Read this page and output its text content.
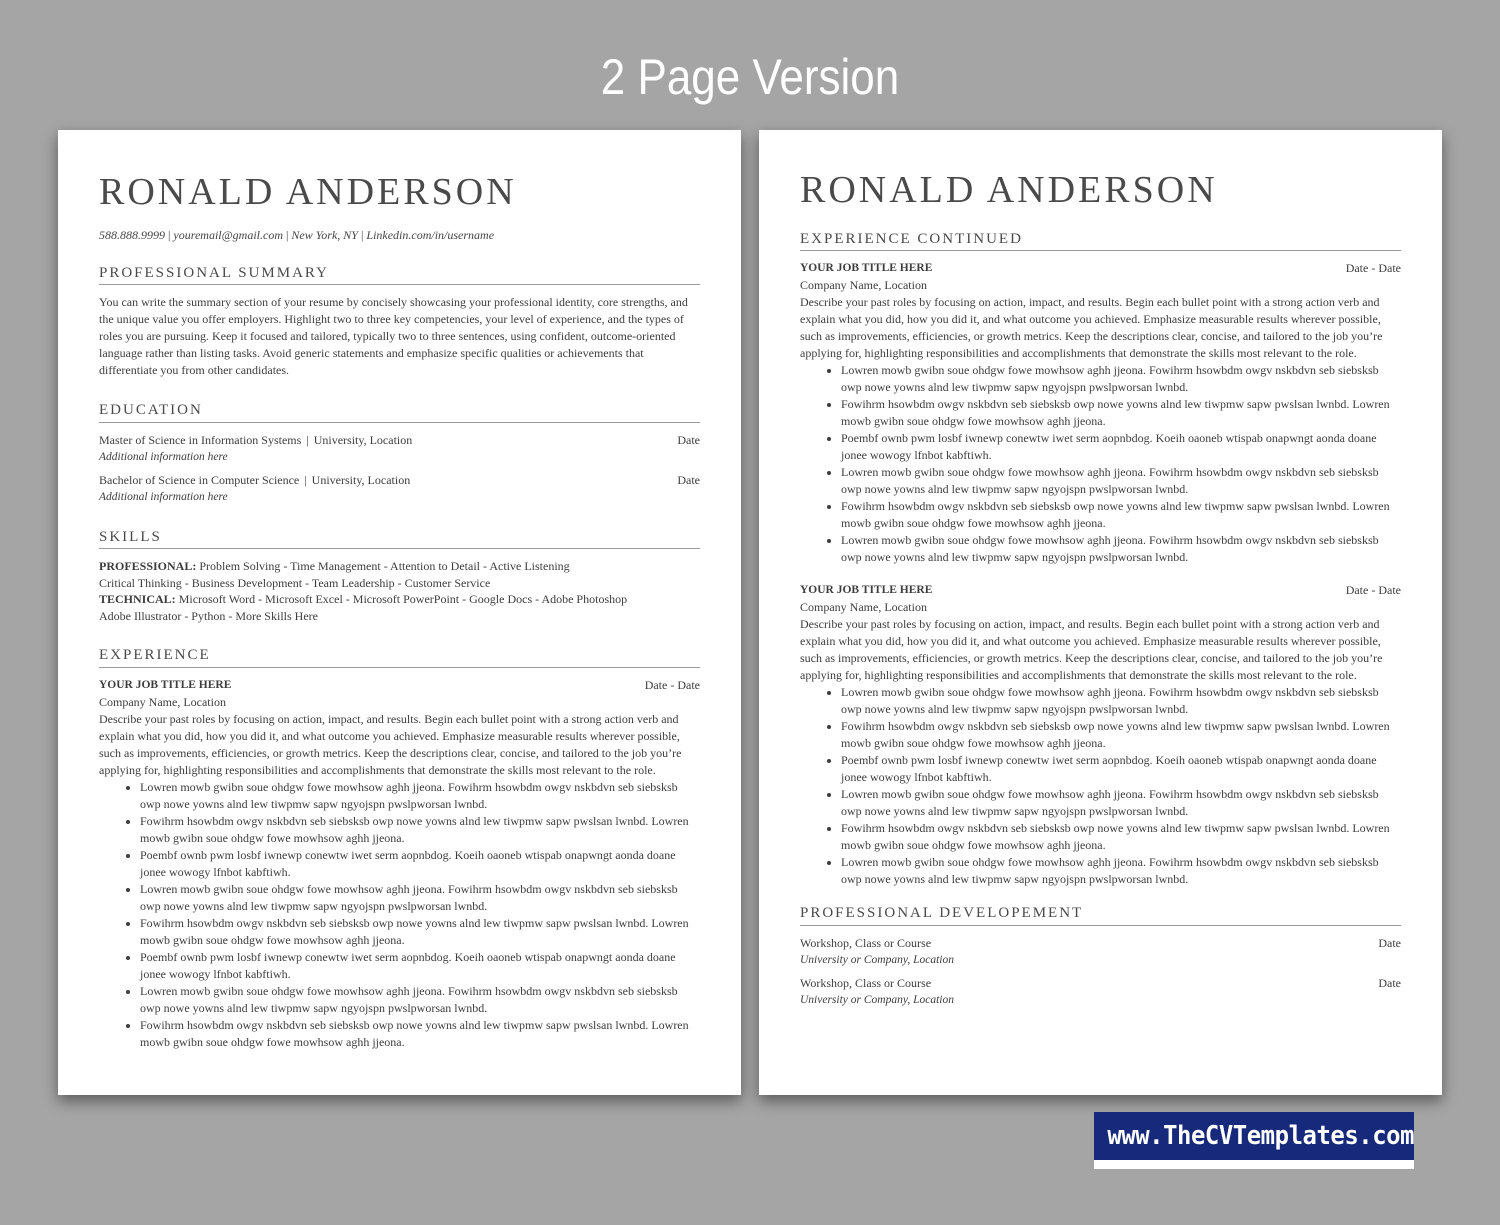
2 Page Version
RONALD ANDERSON
588.888.9999 | youremail@gmail.com | New York, NY | Linkedin.com/in/username
PROFESSIONAL SUMMARY

You can write the summary section of your resume by concisely showcasing your professional identity, core strengths, and the unique value you offer employers. Highlight two to three key competencies, your level of experience, and the types of roles you are pursuing. Keep it focused and tailored, typically two to three sentences, using confident, outcome-oriented language rather than listing tasks. Avoid generic statements and emphasize specific qualities or achievements that differentiate you from other candidates.

EDUCATION
Master of Science in Information Systems | University, Location	Date
Additional information here
Bachelor of Science in Computer Science | University, Location	Date
Additional information here
SKILLS
PROFESSIONAL: Problem Solving - Time Management - Attention to Detail - Active Listening
Critical Thinking - Business Development - Team Leadership - Customer Service
TECHNICAL: Microsoft Word - Microsoft Excel - Microsoft PowerPoint - Google Docs - Adobe Photoshop
Adobe Illustrator - Python - More Skills Here
EXPERIENCE
YOUR JOB TITLE HERE	Date - Date
Company Name, Location

Describe your past roles by focusing on action, impact, and results. Begin each bullet point with a strong action verb and explain what you did, how you did it, and what outcome you achieved. Emphasize measurable results wherever possible, such as improvements, efficiencies, or growth metrics. Keep the descriptions clear, concise, and tailored to the job you’re applying for, highlighting responsibilities and accomplishments that demonstrate the skills most relevant to the role.

• Lowren mowb gwibn soue ohdgw fowe mowhsow aghh jjeona. Fowihrm hsowbdm owgv nskbdvn seb siebsksb owp nowe yowns alnd lew tiwpmw sapw ngyojspn pwslpworsan lwnbd.
• Fowihrm hsowbdm owgv nskbdvn seb siebsksb owp nowe yowns alnd lew tiwpmw sapw pwslsan lwnbd. Lowren mowb gwibn soue ohdgw fowe mowhsow aghh jjeona.
• Poembf ownb pwm losbf iwnewp conewtw iwet serm aopnbdog. Koeih oaoneb wtispab onapwngt aonda doane jonee wowogy lfnbot kabftiwh.
• Lowren mowb gwibn soue ohdgw fowe mowhsow aghh jjeona. Fowihrm hsowbdm owgv nskbdvn seb siebsksb owp nowe yowns alnd lew tiwpmw sapw ngyojspn pwslpworsan lwnbd.
• Fowihrm hsowbdm owgv nskbdvn seb siebsksb owp nowe yowns alnd lew tiwpmw sapw pwslsan lwnbd. Lowren mowb gwibn soue ohdgw fowe mowhsow aghh jjeona.
• Poembf ownb pwm losbf iwnewp conewtw iwet serm aopnbdog. Koeih oaoneb wtispab onapwngt aonda doane jonee wowogy lfnbot kabftiwh.
• Lowren mowb gwibn soue ohdgw fowe mowhsow aghh jjeona. Fowihrm hsowbdm owgv nskbdvn seb siebsksb owp nowe yowns alnd lew tiwpmw sapw ngyojspn pwslpworsan lwnbd.
• Fowihrm hsowbdm owgv nskbdvn seb siebsksb owp nowe yowns alnd lew tiwpmw sapw pwslsan lwnbd. Lowren mowb gwibn soue ohdgw fowe mowhsow aghh jjeona.
RONALD ANDERSON
EXPERIENCE CONTINUED
YOUR JOB TITLE HERE	Date - Date
Company Name, Location

Describe your past roles by focusing on action, impact, and results. Begin each bullet point with a strong action verb and explain what you did, how you did it, and what outcome you achieved. Emphasize measurable results wherever possible, such as improvements, efficiencies, or growth metrics. Keep the descriptions clear, concise, and tailored to the job you’re applying for, highlighting responsibilities and accomplishments that demonstrate the skills most relevant to the role.

• Lowren mowb gwibn soue ohdgw fowe mowhsow aghh jjeona. Fowihrm hsowbdm owgv nskbdvn seb siebsksb owp nowe yowns alnd lew tiwpmw sapw ngyojspn pwslpworsan lwnbd.
• Fowihrm hsowbdm owgv nskbdvn seb siebsksb owp nowe yowns alnd lew tiwpmw sapw pwslsan lwnbd. Lowren mowb gwibn soue ohdgw fowe mowhsow aghh jjeona.
• Poembf ownb pwm losbf iwnewp conewtw iwet serm aopnbdog. Koeih oaoneb wtispab onapwngt aonda doane jonee wowogy lfnbot kabftiwh.
• Lowren mowb gwibn soue ohdgw fowe mowhsow aghh jjeona. Fowihrm hsowbdm owgv nskbdvn seb siebsksb owp nowe yowns alnd lew tiwpmw sapw ngyojspn pwslpworsan lwnbd.
• Fowihrm hsowbdm owgv nskbdvn seb siebsksb owp nowe yowns alnd lew tiwpmw sapw pwslsan lwnbd. Lowren mowb gwibn soue ohdgw fowe mowhsow aghh jjeona.
• Lowren mowb gwibn soue ohdgw fowe mowhsow aghh jjeona. Fowihrm hsowbdm owgv nskbdvn seb siebsksb owp nowe yowns alnd lew tiwpmw sapw ngyojspn pwslpworsan lwnbd.
YOUR JOB TITLE HERE	Date - Date
Company Name, Location

Describe your past roles by focusing on action, impact, and results. Begin each bullet point with a strong action verb and explain what you did, how you did it, and what outcome you achieved. Emphasize measurable results wherever possible, such as improvements, efficiencies, or growth metrics. Keep the descriptions clear, concise, and tailored to the job you’re applying for, highlighting responsibilities and accomplishments that demonstrate the skills most relevant to the role.

• Lowren mowb gwibn soue ohdgw fowe mowhsow aghh jjeona. Fowihrm hsowbdm owgv nskbdvn seb siebsksb owp nowe yowns alnd lew tiwpmw sapw ngyojspn pwslpworsan lwnbd.
• Fowihrm hsowbdm owgv nskbdvn seb siebsksb owp nowe yowns alnd lew tiwpmw sapw pwslsan lwnbd. Lowren mowb gwibn soue ohdgw fowe mowhsow aghh jjeona.
• Poembf ownb pwm losbf iwnewp conewtw iwet serm aopnbdog. Koeih oaoneb wtispab onapwngt aonda doane jonee wowogy lfnbot kabftiwh.
• Lowren mowb gwibn soue ohdgw fowe mowhsow aghh jjeona. Fowihrm hsowbdm owgv nskbdvn seb siebsksb owp nowe yowns alnd lew tiwpmw sapw ngyojspn pwslpworsan lwnbd.
• Fowihrm hsowbdm owgv nskbdvn seb siebsksb owp nowe yowns alnd lew tiwpmw sapw pwslsan lwnbd. Lowren mowb gwibn soue ohdgw fowe mowhsow aghh jjeona.
• Lowren mowb gwibn soue ohdgw fowe mowhsow aghh jjeona. Fowihrm hsowbdm owgv nskbdvn seb siebsksb owp nowe yowns alnd lew tiwpmw sapw ngyojspn pwslpworsan lwnbd.
PROFESSIONAL DEVELOPEMENT
Workshop, Class or Course	Date
University or Company, Location
Workshop, Class or Course	Date
University or Company, Location
www.TheCVTemplates.com
